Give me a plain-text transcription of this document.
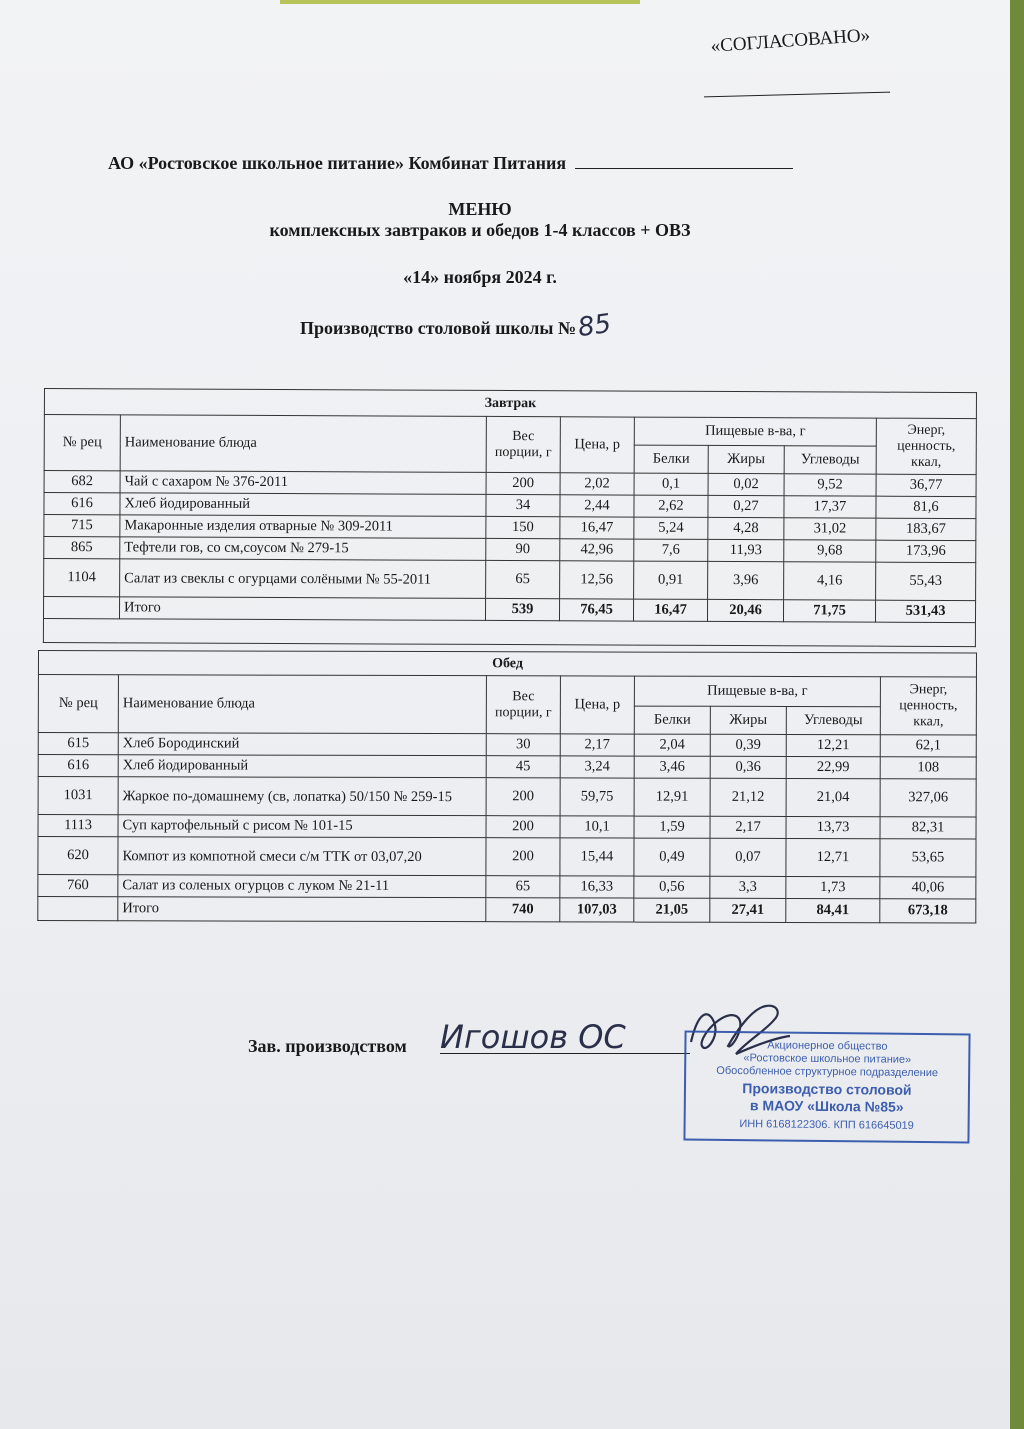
«СОГЛАСОВАНО»
АО «Ростовское школьное питание» Комбинат Питания
МЕНЮ
комплексных завтраков и обедов 1-4 классов + ОВЗ
«14» ноября 2024 г.
Производство столовой школы №85
Завтрак							
№ рец	Наименование блюда	Вес порции, г	Цена, р	Пищевые в-ва, г			Энерг, ценность, ккал,
				Белки	Жиры	Углеводы	
682	Чай с сахаром № 376-2011	200	2,02	0,1	0,02	9,52	36,77
616	Хлеб йодированный	34	2,44	2,62	0,27	17,37	81,6
715	Макаронные изделия отварные № 309-2011	150	16,47	5,24	4,28	31,02	183,67
865	Тефтели гов, со см,соусом № 279-15	90	42,96	7,6	11,93	9,68	173,96
1104	Салат из свеклы с огурцами солёными № 55-2011	65	12,56	0,91	3,96	4,16	55,43
	Итого	539	76,45	16,47	20,46	71,75	531,43

Обед							
№ рец	Наименование блюда	Вес порции, г	Цена, р	Пищевые в-ва, г			Энерг, ценность, ккал,
				Белки	Жиры	Углеводы	
615	Хлеб Бородинский	30	2,17	2,04	0,39	12,21	62,1
616	Хлеб йодированный	45	3,24	3,46	0,36	22,99	108
1031	Жаркое по-домашнему (св, лопатка) 50/150 № 259-15	200	59,75	12,91	21,12	21,04	327,06
1113	Суп картофельный с рисом № 101-15	200	10,1	1,59	2,17	13,73	82,31
620	Компот из компотной смеси с/м ТТК от 03,07,20	200	15,44	0,49	0,07	12,71	53,65
760	Салат из соленых огурцов с луком № 21-11	65	16,33	0,56	3,3	1,73	40,06
	Итого	740	107,03	21,05	27,41	84,41	673,18
Зав. производством Игошов ОС	Акционерное общество
«Ростовское школьное питание»
Обособленное структурное подразделение
Производство столовой
в МАОУ «Школа №85»
ИНН 6168122306. КПП 616645019
